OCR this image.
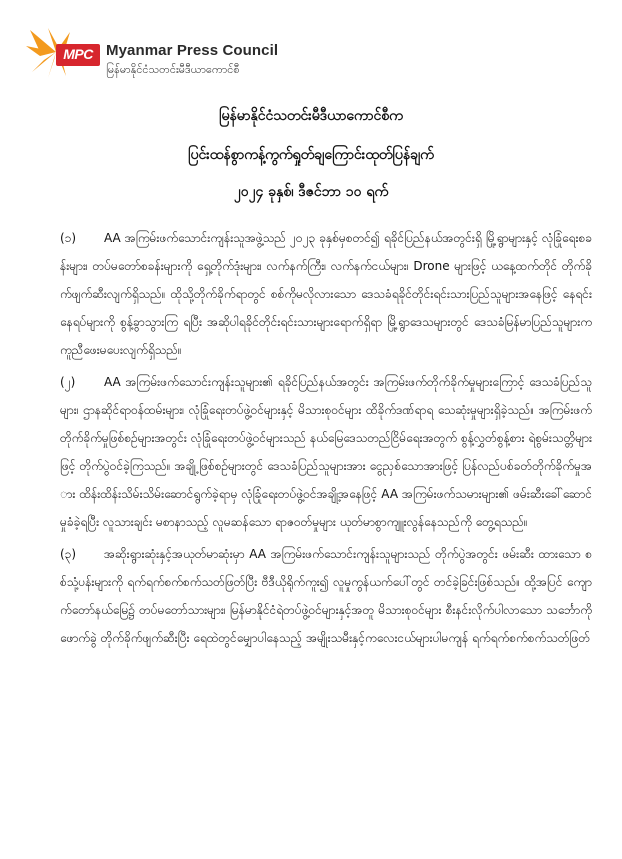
MPC Myanmar Press Council
မြန်မာနိုင်ငံသတင်းမီဒီယာကောင်စီ
မြန်မာနိုင်ငံသတင်းမီဒီယာကောင်စီက
ပြင်းထန်စွာကန့်ကွက်ရှုတ်ချကြောင်းထုတ်ပြန်ချက်
၂၀၂၄ ခုနှစ်၊ ဒီဇင်ဘာ ၁၀ ရက်

(၁) AA အကြမ်းဖက်သောင်းကျန်းသူအဖွဲ့သည် ၂၀၂၃ ခုနှစ်မှစတင်၍ ရခိုင်ပြည်နယ်အတွင်းရှိ မြို့ရွာများနှင့် လုံခြုံရေးစခန်းများ၊ တပ်မတော်စခန်းများကို ရှေ့တိုက်ဒုံးများ၊ လက်နက်ကြီး၊ လက်နက်ငယ်များ၊ Drone များဖြင့် ယနေ့ထက်တိုင် တိုက်ခိုက်ဖျက်ဆီးလျက်ရှိသည်။ ထိုသို့တိုက်ခိုက်ရာတွင် စစ်ကိုမလိုလားသော ဒေသခံရခိုင်တိုင်းရင်းသားပြည်သူများအနေဖြင့် နေရင်းနေရပ်များကို စွန့်ခွာသွားကြ ရပြီး အဆိုပါရခိုင်တိုင်းရင်းသားများရောက်ရှိရာ မြို့ရွာဒေသများတွင် ဒေသခံမြန်မာပြည်သူများက ကူညီဖေးမပေးလျက်ရှိသည်။

(၂) AA အကြမ်းဖက်သောင်းကျန်းသူများ၏ ရခိုင်ပြည်နယ်အတွင်း အကြမ်းဖက်တိုက်ခိုက်မှုများကြောင့် ဒေသခံပြည်သူများ၊ ဌာနဆိုင်ရာဝန်ထမ်းများ၊ လုံခြုံရေးတပ်ဖွဲ့ဝင်များနှင့် မိသားစုဝင်များ ထိခိုက်ဒဏ်ရာရ သေဆုံးမှုများရှိခဲ့သည်။ အကြမ်းဖက်တိုက်ခိုက်မှုဖြစ်စဉ်များအတွင်း လုံခြုံရေးတပ်ဖွဲ့ဝင်များသည် နယ်မြေဒေသတည်ငြိမ်ရေးအတွက် စွန့်လွှတ်စွန့်စား ရဲစွမ်းသတ္တိများဖြင့် တိုက်ပွဲဝင်ခဲ့ကြသည်။ အချို့ဖြစ်စဉ်များတွင် ဒေသခံပြည်သူများအား ငွေညှစ်သောအားဖြင့် ပြန်လည်ပစ်ခတ်တိုက်ခိုက်မှုအား ထိန်းထိန်းသိမ်းသိမ်းဆောင်ရွက်ခဲ့ရာမှ လုံခြုံရေးတပ်ဖွဲ့ဝင်အချို့အနေဖြင့် AA အကြမ်းဖက်သမားများ၏ ဖမ်းဆီးခေါ်ဆောင်မှုခံခဲ့ရပြီး လူသားချင်း မစာနာသည့် လူမဆန်သော ရာဇဝတ်မှုများ ယုတ်မာစွာကျူးလွန်နေသည်ကို တွေ့ရသည်။

(၃) အဆိုးရွားဆုံးနှင့်အယုတ်မာဆုံးမှာ AA အကြမ်းဖက်သောင်းကျန်းသူများသည် တိုက်ပွဲအတွင်း ဖမ်းဆီး ထားသော စစ်သုံ့ပန်းများကို ရက်ရက်စက်စက်သတ်ဖြတ်ပြီး ဗီဒီယိုရိုက်ကူး၍ လူမှုကွန်ယက်ပေါ်တွင် တင်ခဲ့ခြင်းဖြစ်သည်။ ထို့အပြင် ကျောက်တော်နယ်မြေ၌ တပ်မတော်သားများ၊ မြန်မာနိုင်ငံရဲတပ်ဖွဲ့ဝင်များနှင့်အတူ မိသားစုဝင်များ စီးနင်းလိုက်ပါလာသော သင်္ဘောကိုဖောက်ခွဲ တိုက်ခိုက်ဖျက်ဆီးပြီး ရေထဲတွင်မျှောပါနေသည့် အမျိုးသမီးနှင့်ကလေးငယ်များပါမကျန် ရက်ရက်စက်စက်သတ်ဖြတ်
